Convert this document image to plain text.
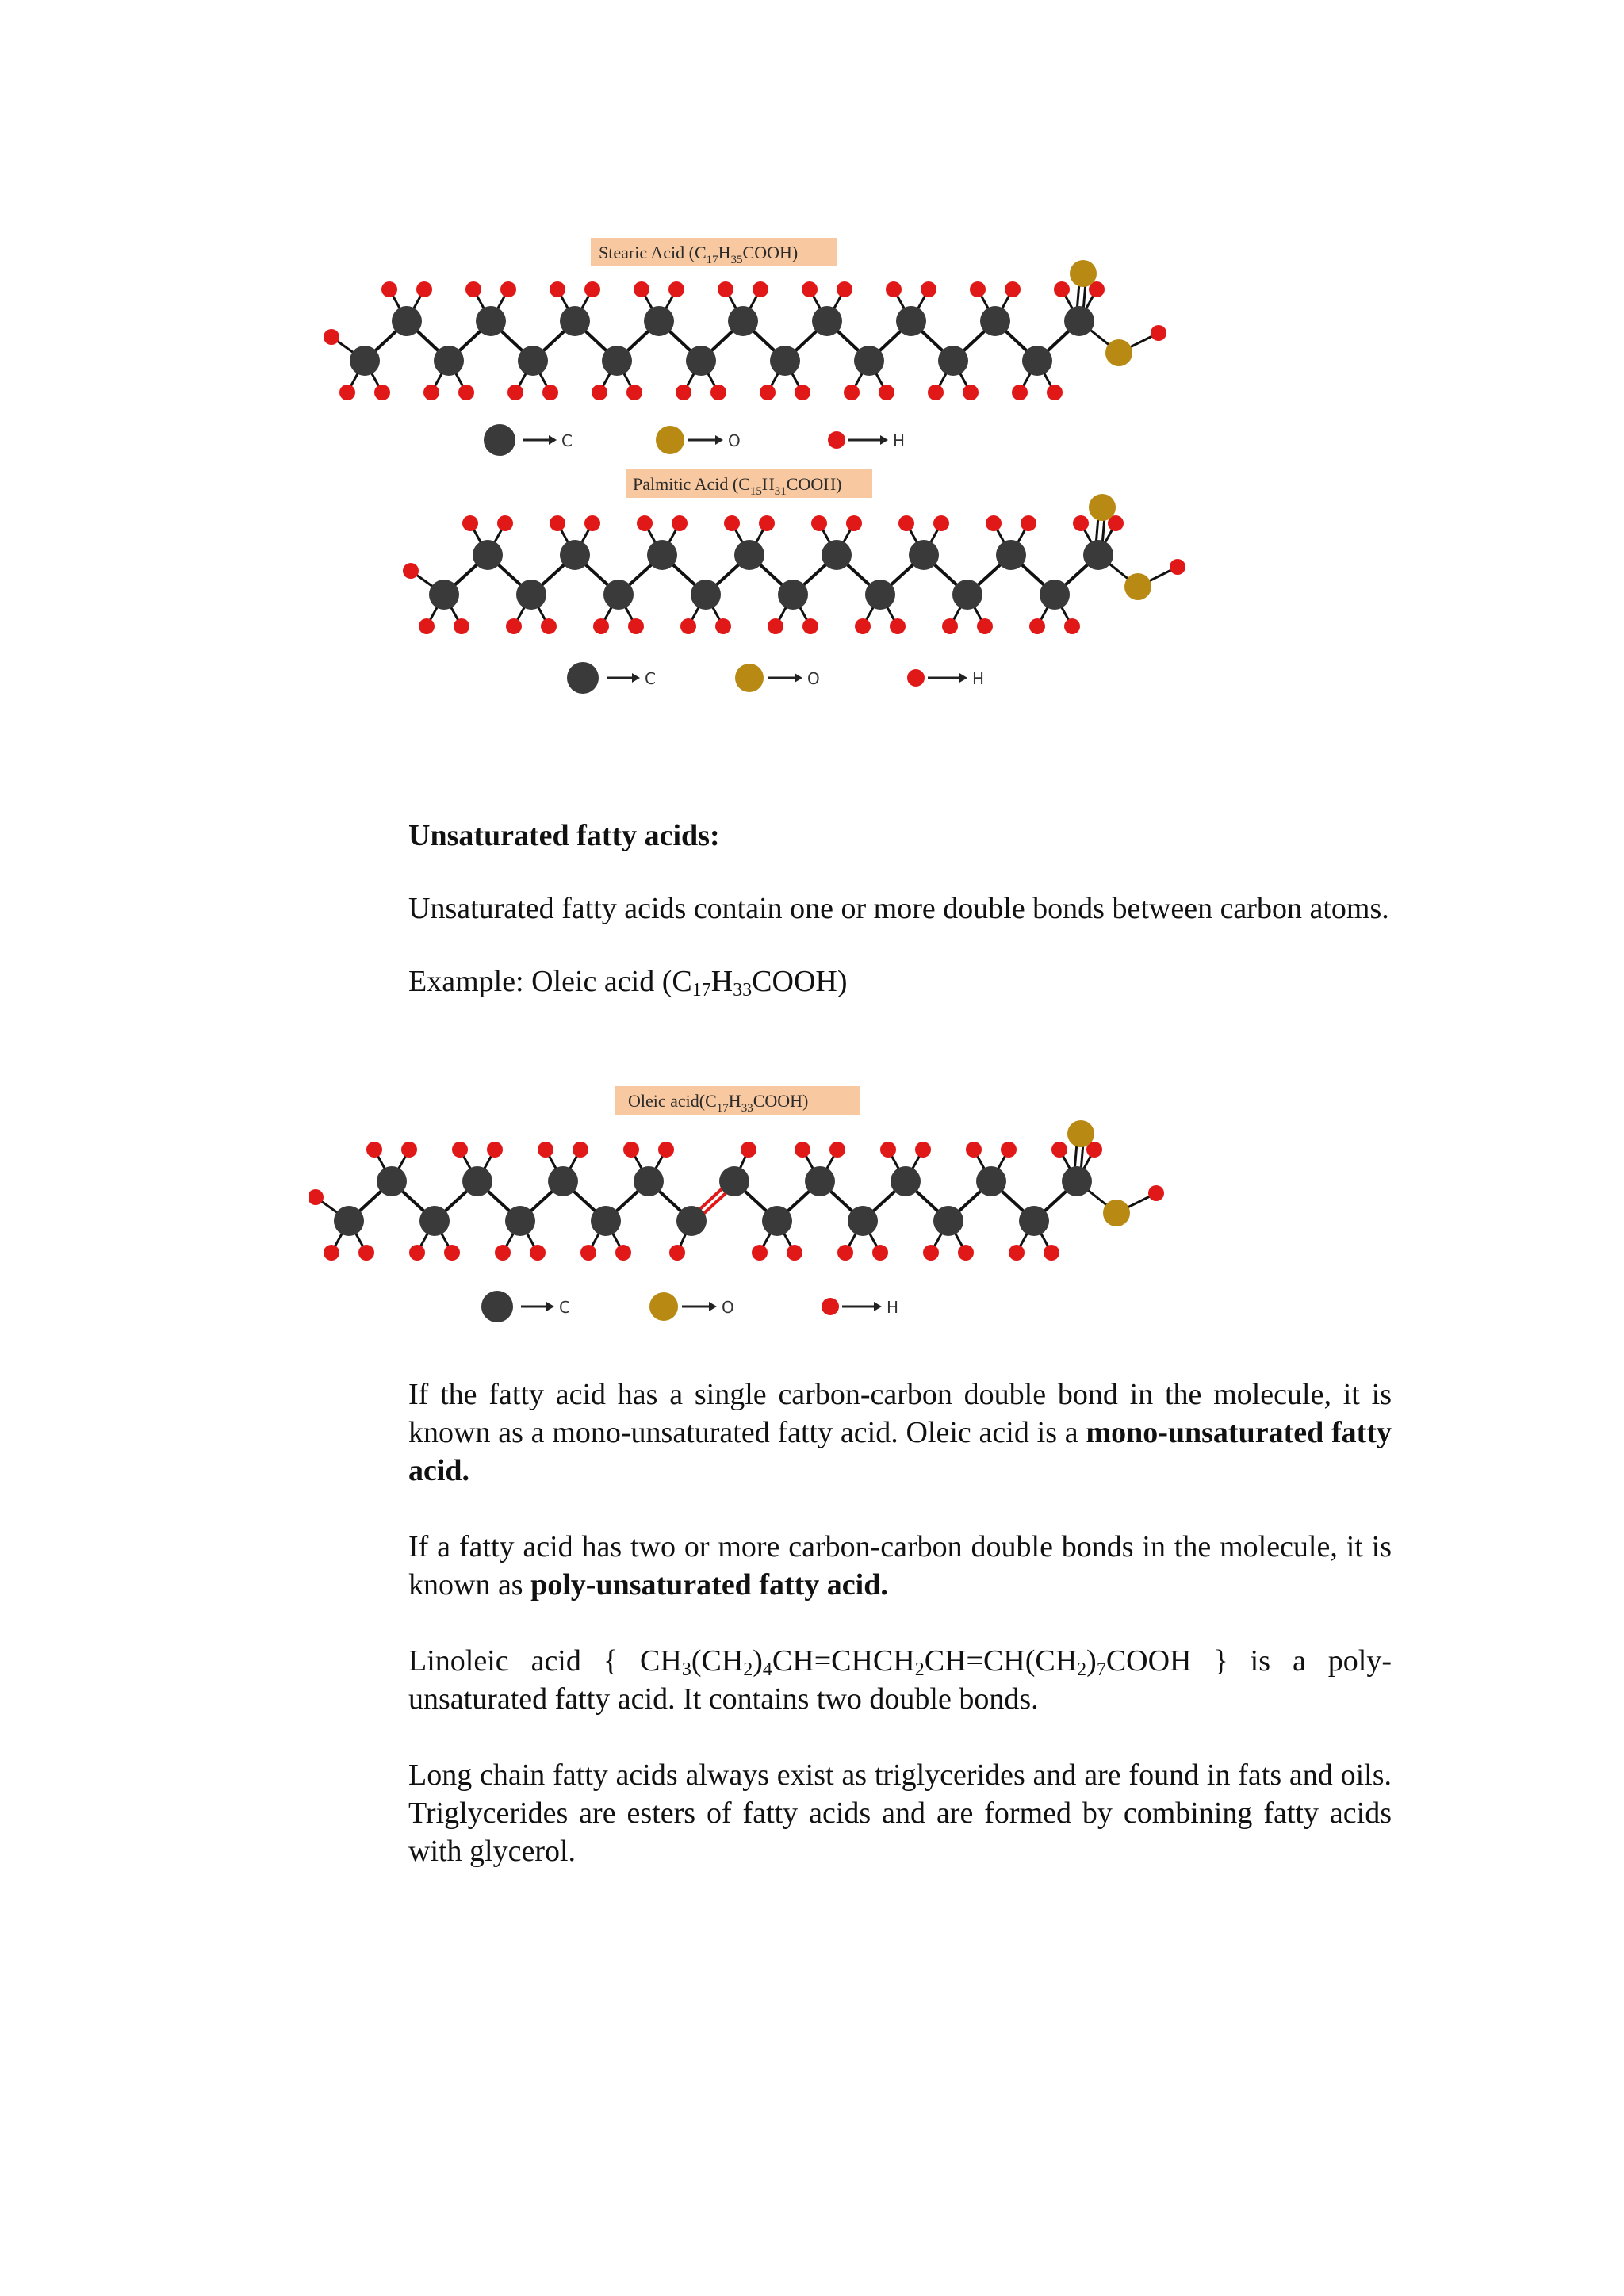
Stearic Acid $(C_{17}H_{35}COOH)$
C	O	H
Palmitic Acid $(C_{15}H_{31}COOH)$
C	O	H
Unsaturated fatty acids:
Unsaturated fatty acids contain one or more double bonds between carbon atoms.
Example: Oleic acid $(C_{17}H_{33}COOH)$
Oleic $acid(C_{17}H_{33}COOH)$
C	O	H
If the fatty acid has a single carbon-carbon double bond in the molecule, it is known as a mono-unsaturated fatty acid. Oleic acid is a mono-unsaturated fatty acid.
If a fatty acid has two or more carbon-carbon double bonds in the molecule, it is known as poly-unsaturated fatty acid.
Linoleic acid { $CH_3(CH_2)_4CH=CHCH_2CH=CH(CH_2)_7COOH$ } is a poly-unsaturated fatty acid. It contains two double bonds.
Long chain fatty acids always exist as triglycerides and are found in fats and oils. Triglycerides are esters of fatty acids and are formed by combining fatty acids with glycerol.
